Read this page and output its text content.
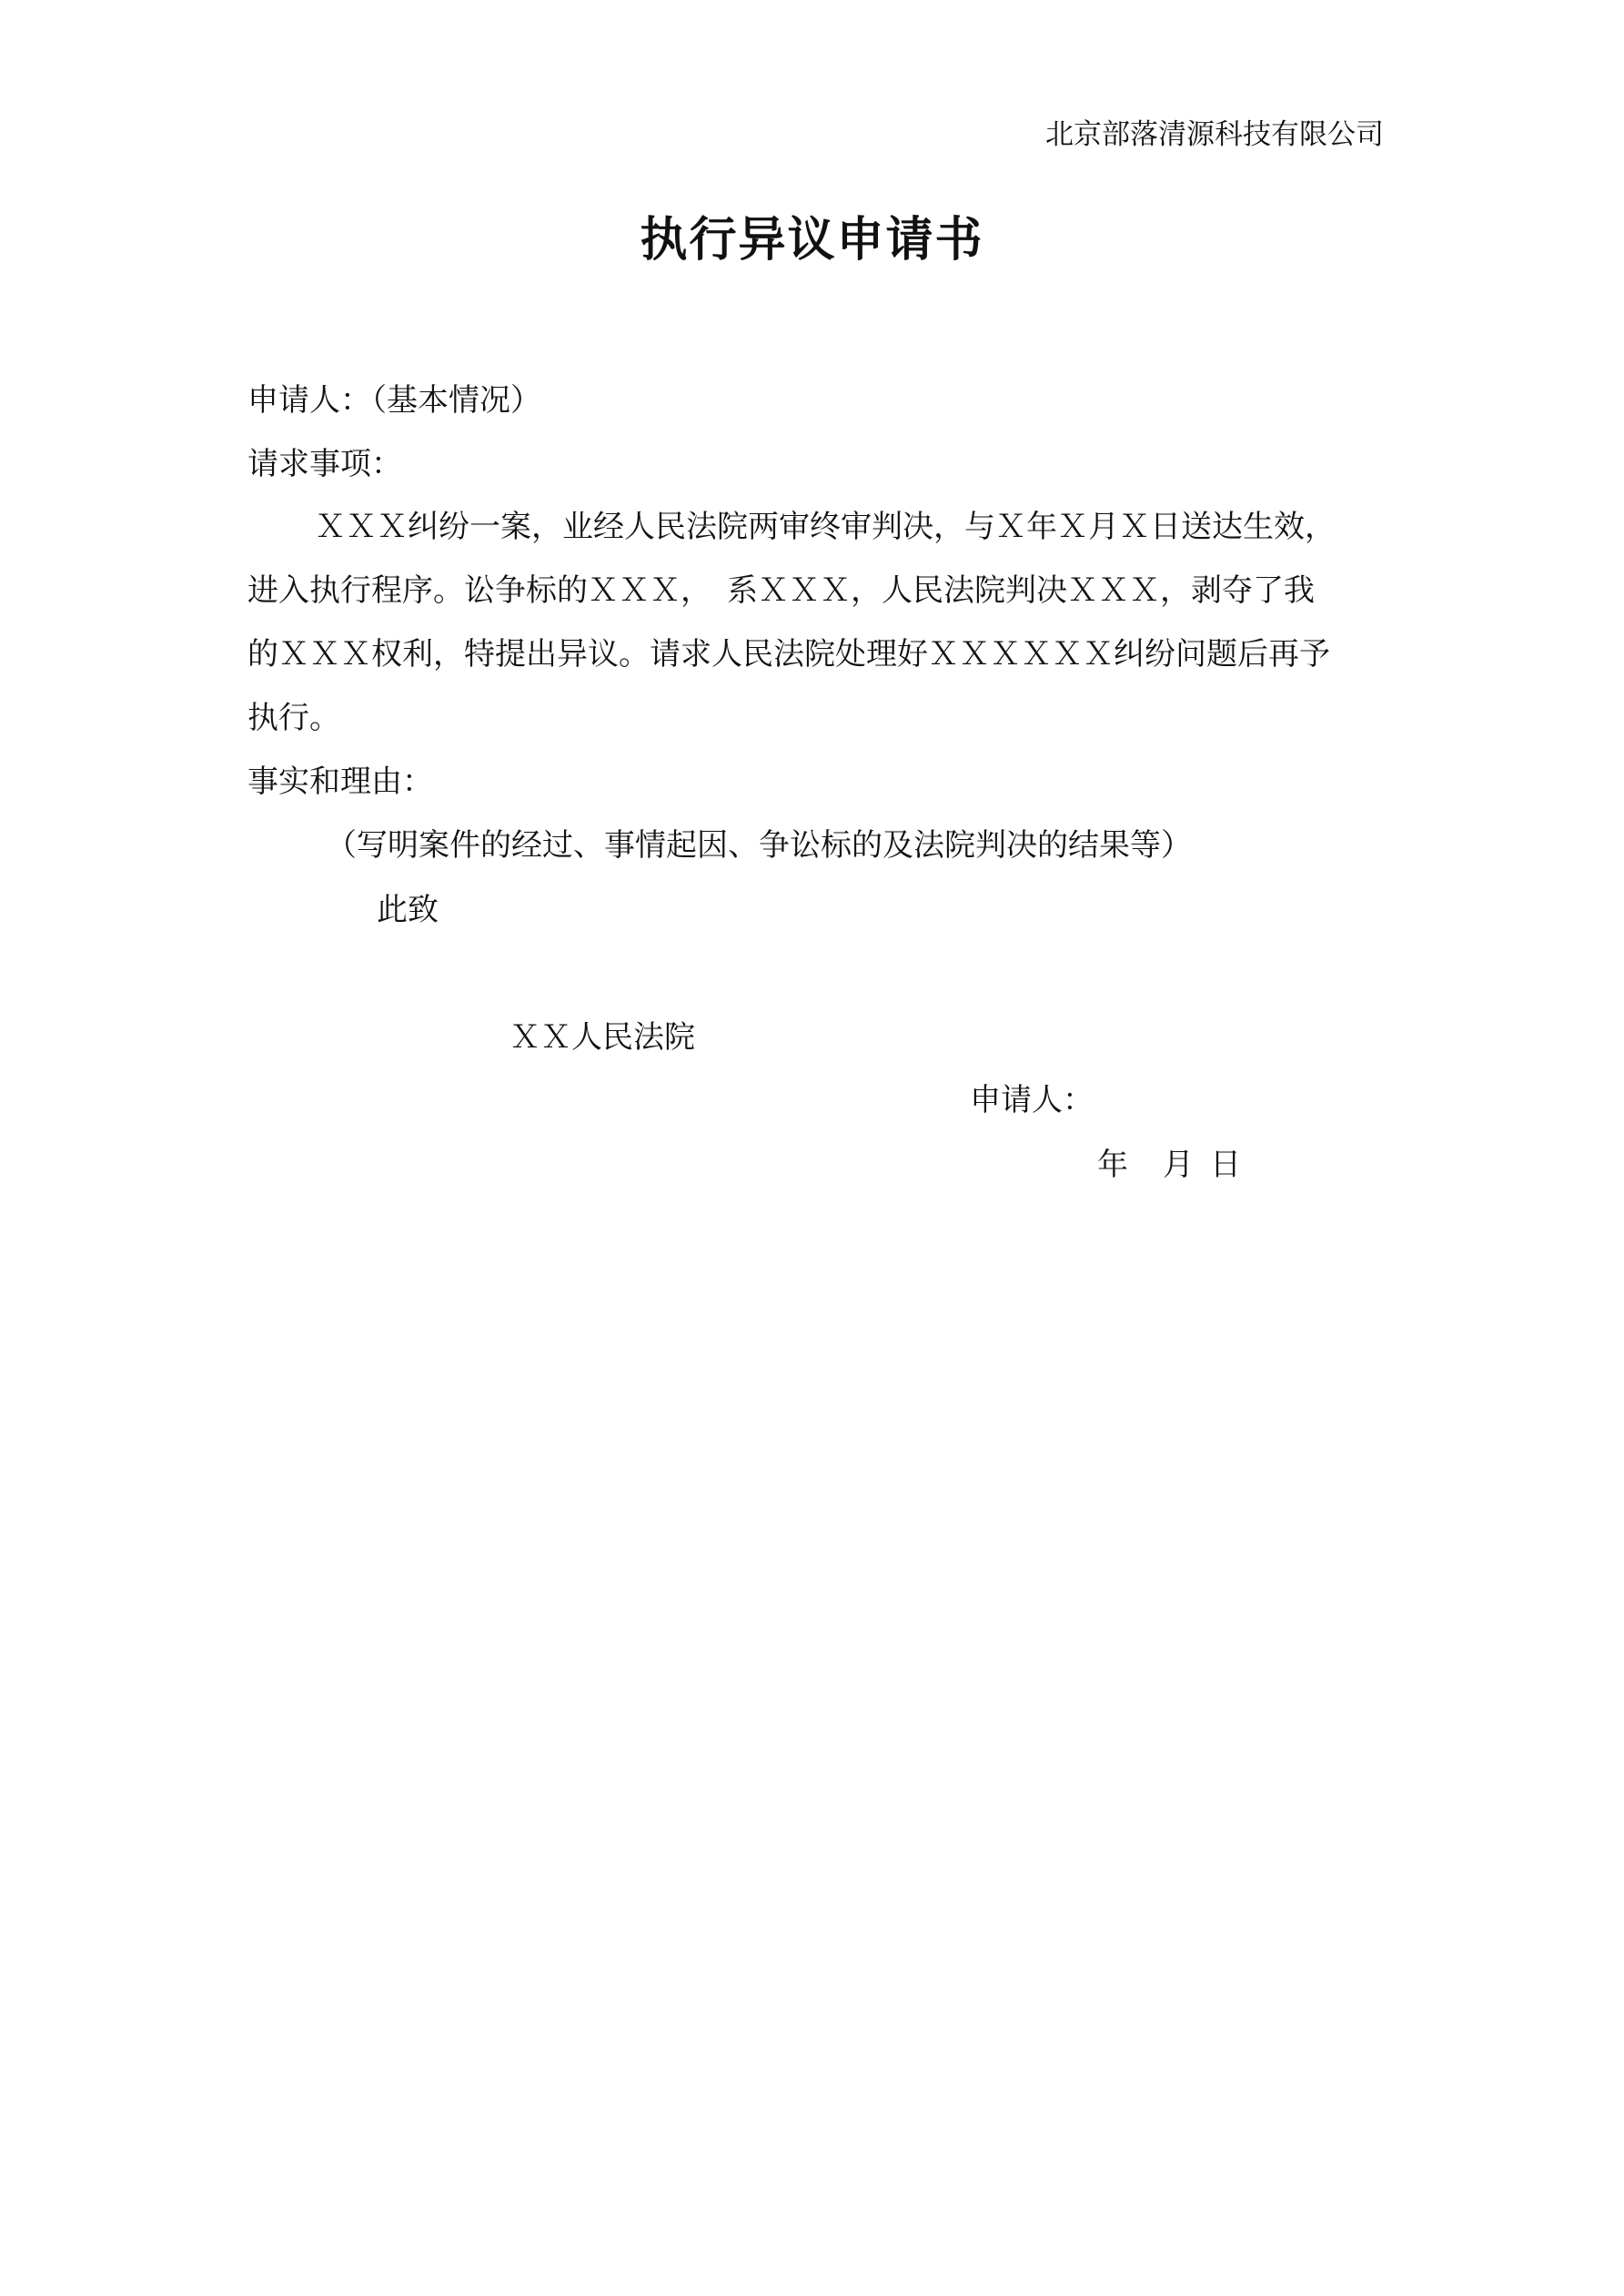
北京部落清源科技有限公司
执行异议申请书
申请人：（基本情况）
请求事项：
ＸＸＸ纠纷一案，业经人民法院两审终审判决，与Ｘ年Ｘ月Ｘ日送达生效，
进入执行程序。讼争标的ＸＸＸ，　系ＸＸＸ，人民法院判决ＸＸＸ，剥夺了我
的ＸＸＸ权利，特提出异议。请求人民法院处理好ＸＸＸＸＸＸ纠纷问题后再予
执行。
事实和理由：
（写明案件的经过、事情起因、争讼标的及法院判决的结果等）
此致
ＸＸ人民法院
申请人：
年 月 日
